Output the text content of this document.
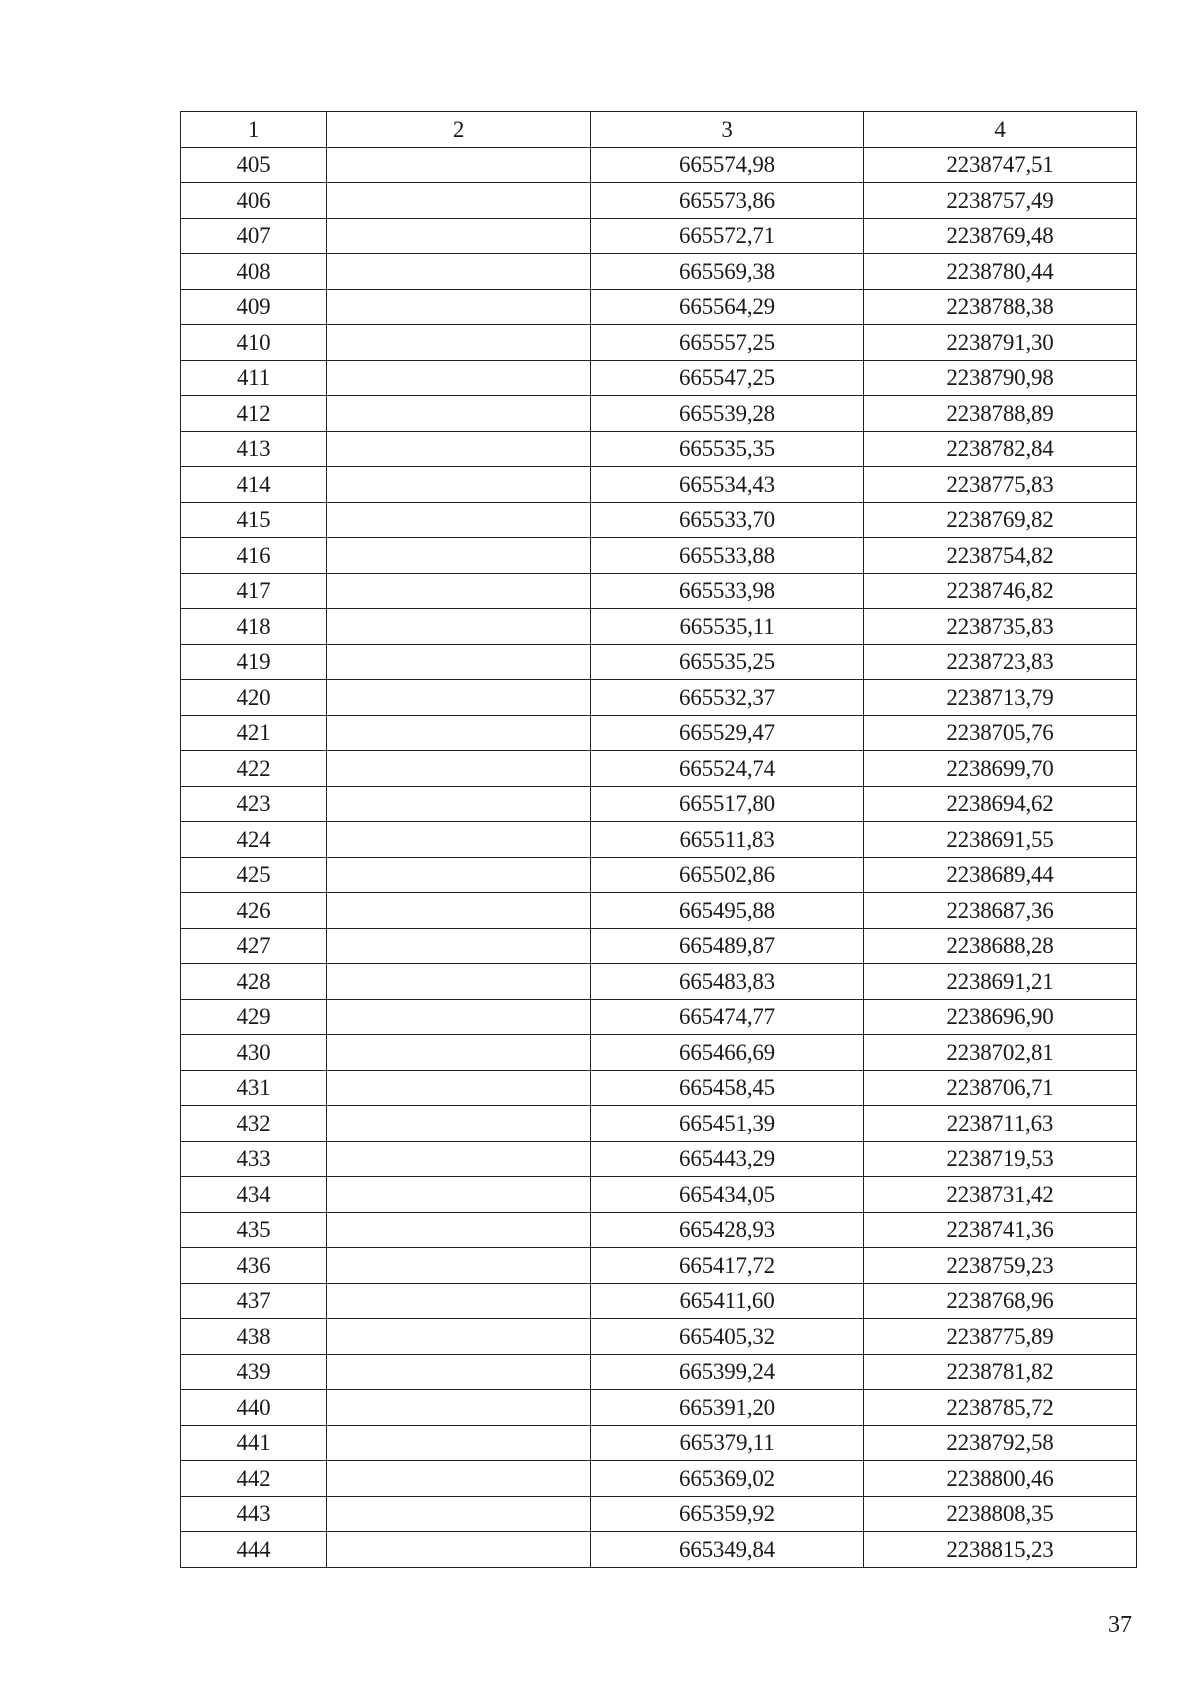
1	2	3	4
405		665574,98	2238747,51
406		665573,86	2238757,49
407		665572,71	2238769,48
408		665569,38	2238780,44
409		665564,29	2238788,38
410		665557,25	2238791,30
411		665547,25	2238790,98
412		665539,28	2238788,89
413		665535,35	2238782,84
414		665534,43	2238775,83
415		665533,70	2238769,82
416		665533,88	2238754,82
417		665533,98	2238746,82
418		665535,11	2238735,83
419		665535,25	2238723,83
420		665532,37	2238713,79
421		665529,47	2238705,76
422		665524,74	2238699,70
423		665517,80	2238694,62
424		665511,83	2238691,55
425		665502,86	2238689,44
426		665495,88	2238687,36
427		665489,87	2238688,28
428		665483,83	2238691,21
429		665474,77	2238696,90
430		665466,69	2238702,81
431		665458,45	2238706,71
432		665451,39	2238711,63
433		665443,29	2238719,53
434		665434,05	2238731,42
435		665428,93	2238741,36
436		665417,72	2238759,23
437		665411,60	2238768,96
438		665405,32	2238775,89
439		665399,24	2238781,82
440		665391,20	2238785,72
441		665379,11	2238792,58
442		665369,02	2238800,46
443		665359,92	2238808,35
444		665349,84	2238815,23
37
